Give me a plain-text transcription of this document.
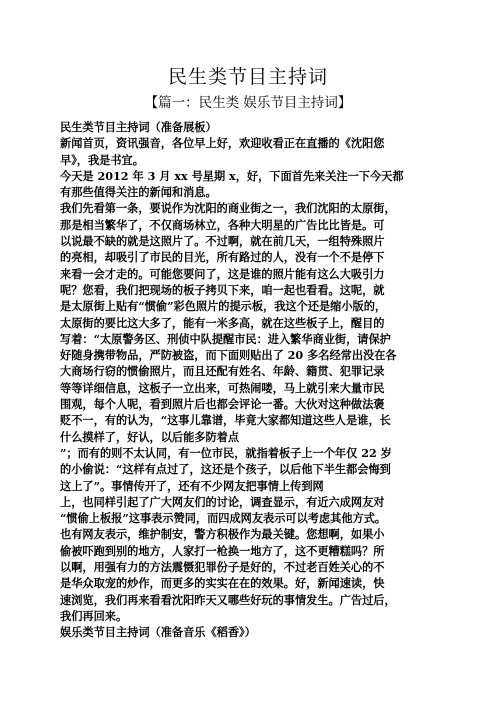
民生类节目主持词
【篇一：民生类 娱乐节目主持词】
民生类节目主持词（准备展板）
新闻首页，资讯强音，各位早上好，欢迎收看正在直播的《沈阳您
早》，我是书宜。
今天是 2012 年 3 月 xx 号星期 x，好，下面首先来关注一下今天都
有那些值得关注的新闻和消息。
我们先看第一条，要说作为沈阳的商业街之一，我们沈阳的太原街，
那是相当繁华了，不仅商场林立，各种大明星的广告比比皆是。可
以说最不缺的就是这照片了。不过啊，就在前几天，一组特殊照片
的亮相，却吸引了市民的目光，所有路过的人，没有一个不是停下
来看一会才走的。可能您要问了，这是谁的照片能有这么大吸引力
呢？您看，我们把现场的板子拷贝下来，咱一起也看看。这呢，就
是太原街上贴有“惯偷”彩色照片的提示板，我这个还是缩小版的，
太原街的要比这大多了，能有一米多高，就在这些板子上，醒目的
写着：“太原警务区、刑侦中队提醒市民：进入繁华商业街，请保护
好随身携带物品，严防被盗，而下面则贴出了 20 多名经常出没在各
大商场行窃的惯偷照片，而且还配有姓名、年龄、籍贯、犯罪记录
等等详细信息，这板子一立出来，可热闹喽，马上就引来大量市民
围观，每个人呢，看到照片后也都会评论一番。大伙对这种做法褒
贬不一，有的认为，“这事儿靠谱，毕竟大家都知道这些人是谁，长
什么摸样了，好认，以后能多防着点
”；而有的则不太认同，有一位市民，就指着板子上一个年仅 22 岁
的小偷说：“这样有点过了，这还是个孩子，以后他下半生都会悔到
这上了”。事情传开了，还有不少网友把事情上传到网
上，也同样引起了广大网友们的讨论，调查显示，有近六成网友对
“惯偷上板报”这事表示赞同，而四成网友表示可以考虑其他方式。
也有网友表示，维护制安，警方积极作为最关键。您想啊，如果小
偷被吓跑到别的地方，人家打一枪换一地方了，这不更糟糕吗？所
以啊，用强有力的方法震慑犯罪份子是好的，不过老百姓关心的不
是华众取宠的炒作，而更多的实实在在的效果。好，新闻速读，快
速浏览，我们再来看看沈阳昨天又哪些好玩的事情发生。广告过后，
我们再回来。
娱乐类节目主持词（准备音乐《稻香》）
